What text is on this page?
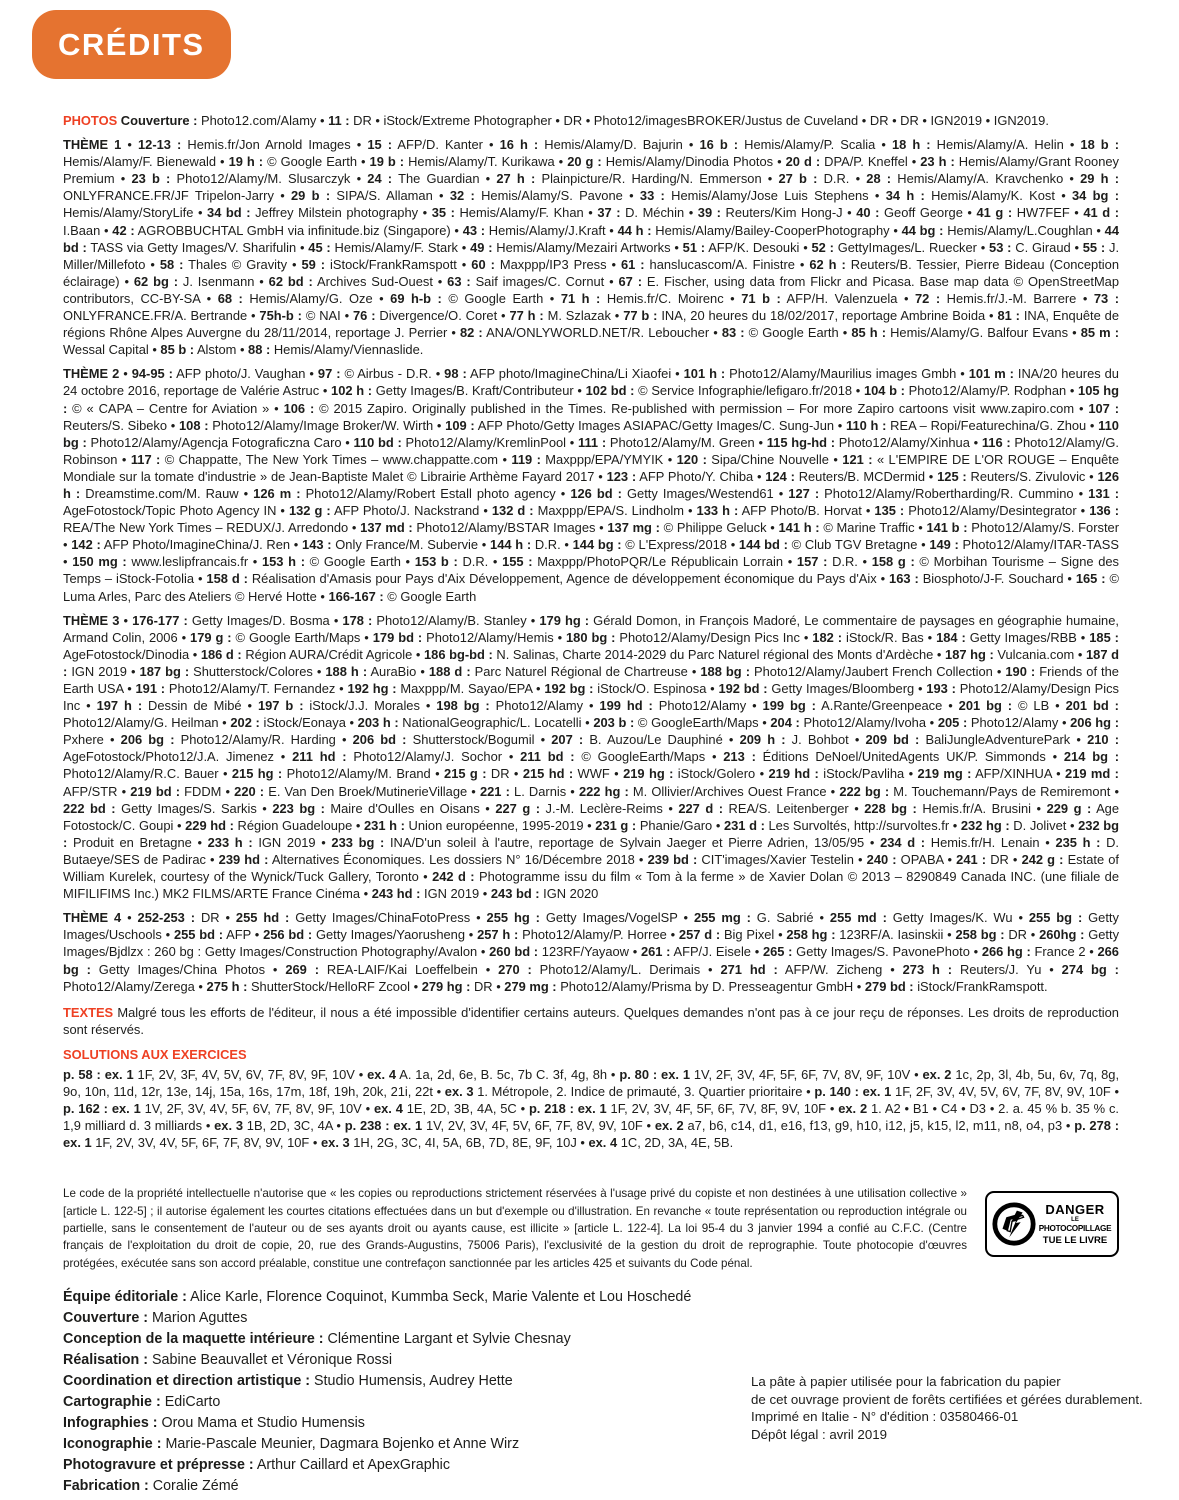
CRÉDITS

PHOTOS Couverture : Photo12.com/Alamy • 11 : DR • iStock/Extreme Photographer • DR • Photo12/imagesBROKER/Justus de Cuveland • DR • DR • IGN2019 • IGN2019.

THÈME 1 • 12-13 : Hemis.fr/Jon Arnold Images • 15 : AFP/D. Kanter • 16 h : Hemis/Alamy/D. Bajurin • 16 b : Hemis/Alamy/P. Scalia • 18 h : Hemis/Alamy/A. Helin • 18 b : Hemis/Alamy/F. Bienewald • 19 h : © Google Earth • 19 b : Hemis/Alamy/T. Kurikawa • 20 g : Hemis/Alamy/Dinodia Photos • 20 d : DPA/P. Kneffel • 23 h : Hemis/Alamy/Grant Rooney Premium • 23 b : Photo12/Alamy/M. Slusarczyk • 24 : The Guardian • 27 h : Plainpicture/R. Harding/N. Emmerson • 27 b : D.R. • 28 : Hemis/Alamy/A. Kravchenko • 29 h : ONLYFRANCE.FR/JF Tripelon-Jarry • 29 b : SIPA/S. Allaman • 32 : Hemis/Alamy/S. Pavone • 33 : Hemis/Alamy/Jose Luis Stephens • 34 h : Hemis/Alamy/K. Kost • 34 bg : Hemis/Alamy/StoryLife • 34 bd : Jeffrey Milstein photography • 35 : Hemis/Alamy/F. Khan • 37 : D. Méchin • 39 : Reuters/Kim Hong-J • 40 : Geoff George • 41 g : HW7FEF • 41 d : I.Baan • 42 : AGROBBUCHTAL GmbH via infinitude.biz (Singapore) • 43 : Hemis/Alamy/J.Kraft • 44 h : Hemis/Alamy/Bailey-CooperPhotography • 44 bg : Hemis/Alamy/L.Coughlan • 44 bd : TASS via Getty Images/V. Sharifulin • 45 : Hemis/Alamy/F. Stark • 49 : Hemis/Alamy/Mezairi Artworks • 51 : AFP/K. Desouki • 52 : GettyImages/L. Ruecker • 53 : C. Giraud • 55 : J. Miller/Millefoto • 58 : Thales © Gravity • 59 : iStock/FrankRamspott • 60 : Maxppp/IP3 Press • 61 : hanslucascom/A. Finistre • 62 h : Reuters/B. Tessier, Pierre Bideau (Conception éclairage) • 62 bg : J. Isenmann • 62 bd : Archives Sud-Ouest • 63 : Saif images/C. Cornut • 67 : E. Fischer, using data from Flickr and Picasa. Base map data © OpenStreetMap contributors, CC-BY-SA • 68 : Hemis/Alamy/G. Oze • 69 h-b : © Google Earth • 71 h : Hemis.fr/C. Moirenc • 71 b : AFP/H. Valenzuela • 72 : Hemis.fr/J.-M. Barrere • 73 : ONLYFRANCE.FR/A. Bertrande • 75h-b : © NAI • 76 : Divergence/O. Coret • 77 h : M. Szlazak • 77 b : INA, 20 heures du 18/02/2017, reportage Ambrine Boida • 81 : INA, Enquête de régions Rhône Alpes Auvergne du 28/11/2014, reportage J. Perrier • 82 : ANA/ONLYWORLD.NET/R. Leboucher • 83 : © Google Earth • 85 h : Hemis/Alamy/G. Balfour Evans • 85 m : Wessal Capital • 85 b : Alstom • 88 : Hemis/Alamy/Viennaslide.

THÈME 2 • 94-95 : AFP photo/J. Vaughan • 97 : © Airbus - D.R. • 98 : AFP photo/ImagineChina/Li Xiaofei • 101 h : Photo12/Alamy/Maurilius images Gmbh • 101 m : INA/20 heures du 24 octobre 2016, reportage de Valérie Astruc • 102 h : Getty Images/B. Kraft/Contributeur • 102 bd : © Service Infographie/lefigaro.fr/2018 • 104 b : Photo12/Alamy/P. Rodphan • 105 hg : © « CAPA – Centre for Aviation » • 106 : © 2015 Zapiro. Originally published in the Times. Re-published with permission – For more Zapiro cartoons visit www.zapiro.com • 107 : Reuters/S. Sibeko • 108 : Photo12/Alamy/Image Broker/W. Wirth • 109 : AFP Photo/Getty Images ASIAPAC/Getty Images/C. Sung-Jun • 110 h : REA – Ropi/Featurechina/G. Zhou • 110 bg : Photo12/Alamy/Agencja Fotograficzna Caro • 110 bd : Photo12/Alamy/KremlinPool • 111 : Photo12/Alamy/M. Green • 115 hg-hd : Photo12/Alamy/Xinhua • 116 : Photo12/Alamy/G. Robinson • 117 : © Chappatte, The New York Times – www.chappatte.com • 119 : Maxppp/EPA/YMYIK • 120 : Sipa/Chine Nouvelle • 121 : « L'EMPIRE DE L'OR ROUGE – Enquête Mondiale sur la tomate d'industrie » de Jean-Baptiste Malet © Librairie Arthème Fayard 2017 • 123 : AFP Photo/Y. Chiba • 124 : Reuters/B. MCDermid • 125 : Reuters/S. Zivulovic • 126 h : Dreamstime.com/M. Rauw • 126 m : Photo12/Alamy/Robert Estall photo agency • 126 bd : Getty Images/Westend61 • 127 : Photo12/Alamy/Robertharding/R. Cummino • 131 : AgeFotostock/Topic Photo Agency IN • 132 g : AFP Photo/J. Nackstrand • 132 d : Maxppp/EPA/S. Lindholm • 133 h : AFP Photo/B. Horvat • 135 : Photo12/Alamy/Desintegrator • 136 : REA/The New York Times – REDUX/J. Arredondo • 137 md : Photo12/Alamy/BSTAR Images • 137 mg : © Philippe Geluck • 141 h : © Marine Traffic • 141 b : Photo12/Alamy/S. Forster • 142 : AFP Photo/ImagineChina/J. Ren • 143 : Only France/M. Subervie • 144 h : D.R. • 144 bg : © L'Express/2018 • 144 bd : © Club TGV Bretagne • 149 : Photo12/Alamy/ITAR-TASS • 150 mg : www.leslipfrancais.fr • 153 h : © Google Earth • 153 b : D.R. • 155 : Maxppp/PhotoPQR/Le Républicain Lorrain • 157 : D.R. • 158 g : © Morbihan Tourisme – Signe des Temps – iStock-Fotolia • 158 d : Réalisation d'Amasis pour Pays d'Aix Développement, Agence de développement économique du Pays d'Aix • 163 : Biosphoto/J-F. Souchard • 165 : © Luma Arles, Parc des Ateliers © Hervé Hotte • 166-167 : © Google Earth

THÈME 3 • 176-177 : Getty Images/D. Bosma • 178 : Photo12/Alamy/B. Stanley • 179 hg : Gérald Domon, in François Madoré, Le commentaire de paysages en géographie humaine, Armand Colin, 2006 • 179 g : © Google Earth/Maps • 179 bd : Photo12/Alamy/Hemis • 180 bg : Photo12/Alamy/Design Pics Inc • 182 : iStock/R. Bas • 184 : Getty Images/RBB • 185 : AgeFotostock/Dinodia • 186 d : Région AURA/Crédit Agricole • 186 bg-bd : N. Salinas, Charte 2014-2029 du Parc Naturel régional des Monts d'Ardèche • 187 hg : Vulcania.com • 187 d : IGN 2019 • 187 bg : Shutterstock/Colores • 188 h : AuraBio • 188 d : Parc Naturel Régional de Chartreuse • 188 bg : Photo12/Alamy/Jaubert French Collection • 190 : Friends of the Earth USA • 191 : Photo12/Alamy/T. Fernandez • 192 hg : Maxppp/M. Sayao/EPA • 192 bg : iStock/O. Espinosa • 192 bd : Getty Images/Bloomberg • 193 : Photo12/Alamy/Design Pics Inc • 197 h : Dessin de Mibé • 197 b : iStock/J.J. Morales • 198 bg : Photo12/Alamy • 199 hd : Photo12/Alamy • 199 bg : A.Rante/Greenpeace • 201 bg : © LB • 201 bd : Photo12/Alamy/G. Heilman • 202 : iStock/Eonaya • 203 h : NationalGeographic/L. Locatelli • 203 b : © GoogleEarth/Maps • 204 : Photo12/Alamy/Ivoha • 205 : Photo12/Alamy • 206 hg : Pxhere • 206 bg : Photo12/Alamy/R. Harding • 206 bd : Shutterstock/Bogumil • 207 : B. Auzou/Le Dauphiné • 209 h : J. Bohbot • 209 bd : BaliJungleAdventurePark • 210 : AgeFotostock/Photo12/J.A. Jimenez • 211 hd : Photo12/Alamy/J. Sochor • 211 bd : © GoogleEarth/Maps • 213 : Éditions DeNoel/UnitedAgents UK/P. Simmonds • 214 bg : Photo12/Alamy/R.C. Bauer • 215 hg : Photo12/Alamy/M. Brand • 215 g : DR • 215 hd : WWF • 219 hg : iStock/Golero • 219 hd : iStock/Pavliha • 219 mg : AFP/XINHUA • 219 md : AFP/STR • 219 bd : FDDM • 220 : E. Van Den Broek/MutinerieVillage • 221 : L. Darnis • 222 hg : M. Ollivier/Archives Ouest France • 222 bg : M. Touchemann/Pays de Remiremont • 222 bd : Getty Images/S. Sarkis • 223 bg : Maire d'Oulles en Oisans • 227 g : J.-M. Leclère-Reims • 227 d : REA/S. Leitenberger • 228 bg : Hemis.fr/A. Brusini • 229 g : Age Fotostock/C. Goupi • 229 hd : Région Guadeloupe • 231 h : Union européenne, 1995-2019 • 231 g : Phanie/Garo • 231 d : Les Survoltés, http://survoltes.fr • 232 hg : D. Jolivet • 232 bg : Produit en Bretagne • 233 h : IGN 2019 • 233 bg : INA/D'un soleil à l'autre, reportage de Sylvain Jaeger et Pierre Adrien, 13/05/95 • 234 d : Hemis.fr/H. Lenain • 235 h : D. Butaeye/SES de Padirac • 239 hd : Alternatives Économiques. Les dossiers N° 16/Décembre 2018 • 239 bd : CIT'images/Xavier Testelin • 240 : OPABA • 241 : DR • 242 g : Estate of William Kurelek, courtesy of the Wynick/Tuck Gallery, Toronto • 242 d : Photogramme issu du film « Tom à la ferme » de Xavier Dolan © 2013 – 8290849 Canada INC. (une filiale de MIFILIFIMS Inc.) MK2 FILMS/ARTE France Cinéma • 243 hd : IGN 2019 • 243 bd : IGN 2020

THÈME 4 • 252-253 : DR • 255 hd : Getty Images/ChinaFotoPress • 255 hg : Getty Images/VogelSP • 255 mg : G. Sabrié • 255 md : Getty Images/K. Wu • 255 bg : Getty Images/Uschools • 255 bd : AFP • 256 bd : Getty Images/Yaorusheng • 257 h : Photo12/Alamy/P. Horree • 257 d : Big Pixel • 258 hg : 123RF/A. Iasinskii • 258 bg : DR • 260hg : Getty Images/Bjdlzx : 260 bg : Getty Images/Construction Photography/Avalon • 260 bd : 123RF/Yayaow • 261 : AFP/J. Eisele • 265 : Getty Images/S. PavonePhoto • 266 hg : France 2 • 266 bg : Getty Images/China Photos • 269 : REA-LAIF/Kai Loeffelbein • 270 : Photo12/Alamy/L. Derimais • 271 hd : AFP/W. Zicheng • 273 h : Reuters/J. Yu • 274 bg : Photo12/Alamy/Zerega • 275 h : ShutterStock/HelloRF Zcool • 279 hg : DR • 279 mg : Photo12/Alamy/Prisma by D. Presseagentur GmbH • 279 bd : iStock/FrankRamspott.

TEXTES Malgré tous les efforts de l'éditeur, il nous a été impossible d'identifier certains auteurs. Quelques demandes n'ont pas à ce jour reçu de réponses. Les droits de reproduction sont réservés.

SOLUTIONS AUX EXERCICES

p. 58 : ex. 1 1F, 2V, 3F, 4V, 5V, 6V, 7F, 8V, 9F, 10V • ex. 4 A. 1a, 2d, 6e, B. 5c, 7b C. 3f, 4g, 8h • p. 80 : ex. 1 1V, 2F, 3V, 4F, 5F, 6F, 7V, 8V, 9F, 10V • ex. 2 1c, 2p, 3l, 4b, 5u, 6v, 7q, 8g, 9o, 10n, 11d, 12r, 13e, 14j, 15a, 16s, 17m, 18f, 19h, 20k, 21i, 22t • ex. 3 1. Métropole, 2. Indice de primauté, 3. Quartier prioritaire • p. 140 : ex. 1 1F, 2F, 3V, 4V, 5V, 6V, 7F, 8V, 9V, 10F • p. 162 : ex. 1 1V, 2F, 3V, 4V, 5F, 6V, 7F, 8V, 9F, 10V • ex. 4 1E, 2D, 3B, 4A, 5C • p. 218 : ex. 1 1F, 2V, 3V, 4F, 5F, 6F, 7V, 8F, 9V, 10F • ex. 2 1. A2 • B1 • C4 • D3 • 2. a. 45 % b. 35 % c. 1,9 milliard d. 3 milliards • ex. 3 1B, 2D, 3C, 4A • p. 238 : ex. 1 1V, 2V, 3V, 4F, 5V, 6F, 7F, 8V, 9V, 10F • ex. 2 a7, b6, c14, d1, e16, f13, g9, h10, i12, j5, k15, l2, m11, n8, o4, p3 • p. 278 : ex. 1 1F, 2V, 3V, 4V, 5F, 6F, 7F, 8V, 9V, 10F • ex. 3 1H, 2G, 3C, 4I, 5A, 6B, 7D, 8E, 9F, 10J • ex. 4 1C, 2D, 3A, 4E, 5B.

Le code de la propriété intellectuelle n'autorise que « les copies ou reproductions strictement réservées à l'usage privé du copiste et non destinées à une utilisation collective » [article L. 122-5] ; il autorise également les courtes citations effectuées dans un but d'exemple ou d'illustration. En revanche « toute représentation ou reproduction intégrale ou partielle, sans le consentement de l'auteur ou de ses ayants droit ou ayants cause, est illicite » [article L. 122-4]. La loi 95-4 du 3 janvier 1994 a confié au C.F.C. (Centre français de l'exploitation du droit de copie, 20, rue des Grands-Augustins, 75006 Paris), l'exclusivité de la gestion du droit de reprographie. Toute photocopie d'œuvres protégées, exécutée sans son accord préalable, constitue une contrefaçon sanctionnée par les articles 425 et suivants du Code pénal.

DANGER
LE
PHOTOCOPILLAGE
TUE LE LIVRE
Équipe éditoriale : Alice Karle, Florence Coquinot, Kummba Seck, Marie Valente et Lou Hoschedé
Couverture : Marion Aguttes
Conception de la maquette intérieure : Clémentine Largant et Sylvie Chesnay
Réalisation : Sabine Beauvallet et Véronique Rossi
Coordination et direction artistique : Studio Humensis, Audrey Hette
Cartographie : EdiCarto
Infographies : Orou Mama et Studio Humensis
Iconographie : Marie-Pascale Meunier, Dagmara Bojenko et Anne Wirz
Photogravure et prépresse : Arthur Caillard et ApexGraphic
Fabrication : Coralie Zémé
La pâte à papier utilisée pour la fabrication du papier
de cet ouvrage provient de forêts certifiées et gérées durablement.
Imprimé en Italie - N° d'édition : 03580466-01
Dépôt légal : avril 2019
